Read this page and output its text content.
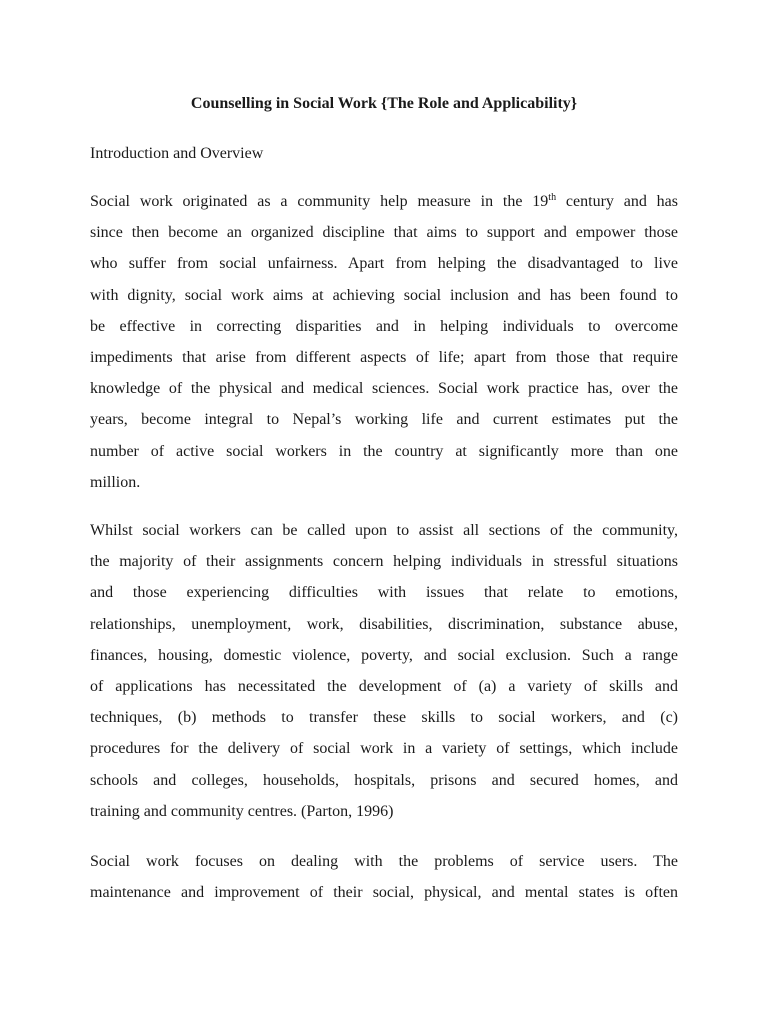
Counselling in Social Work {The Role and Applicability}
Introduction and Overview
Social work originated as a community help measure in the 19th century and has
since then become an organized discipline that aims to support and empower those
who suffer from social unfairness. Apart from helping the disadvantaged to live
with dignity, social work aims at achieving social inclusion and has been found to
be effective in correcting disparities and in helping individuals to overcome
impediments that arise from different aspects of life; apart from those that require
knowledge of the physical and medical sciences. Social work practice has, over the
years, become integral to Nepal’s working life and current estimates put the
number of active social workers in the country at significantly more than one
million.
Whilst social workers can be called upon to assist all sections of the community,
the majority of their assignments concern helping individuals in stressful situations
and those experiencing difficulties with issues that relate to emotions,
relationships, unemployment, work, disabilities, discrimination, substance abuse,
finances, housing, domestic violence, poverty, and social exclusion. Such a range
of applications has necessitated the development of (a) a variety of skills and
techniques, (b) methods to transfer these skills to social workers, and (c)
procedures for the delivery of social work in a variety of settings, which include
schools and colleges, households, hospitals, prisons and secured homes, and
training and community centres. (Parton, 1996)
Social work focuses on dealing with the problems of service users. The
maintenance and improvement of their social, physical, and mental states is often
